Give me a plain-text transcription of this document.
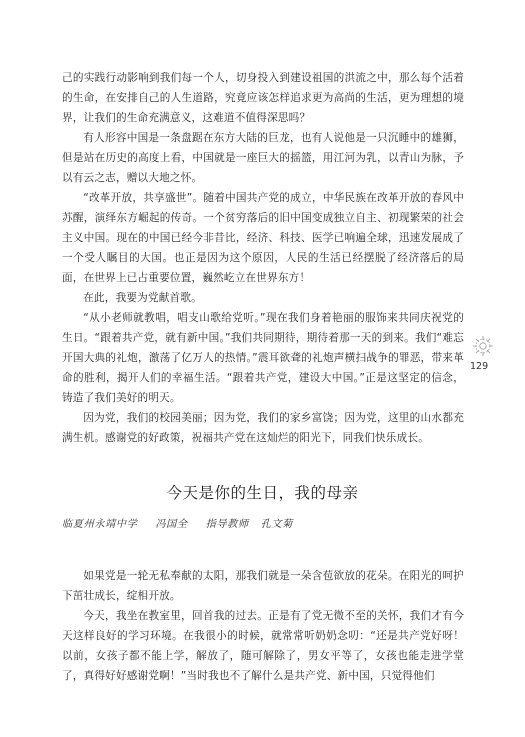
己的实践行动影响到我们每一个人，切身投入到建设祖国的洪流之中，那么每个活着的生命，在安排自己的人生道路，究竟应该怎样追求更为高尚的生活，更为理想的境界，让我们的生命充满意义，这难道不值得深思吗？

有人形容中国是一条盘踞在东方大陆的巨龙，也有人说他是一只沉睡中的雄狮，但是站在历史的高度上看，中国就是一座巨大的摇篮，用江河为乳，以青山为脉，予以有云之志，赠以大地之怀。

“改革开放，共享盛世”。随着中国共产党的成立，中华民族在改革开放的春风中苏醒，演绎东方崛起的传奇。一个贫穷落后的旧中国变成独立自主、初现繁荣的社会主义中国。现在的中国已经今非昔比，经济、科技、医学已响遍全球，迅速发展成了一个受人瞩目的大国。也正是因为这个原因，人民的生活已经摆脱了经济落后的局面，在世界上已占重要位置，巍然屹立在世界东方！

在此，我要为党献首歌。

“从小老师就教唱，唱支山歌给党听。”现在我们身着艳丽的服饰来共同庆祝党的生日。“跟着共产党，就有新中国。”我们共同期待，期待着那一天的到来。我们“难忘开国大典的礼炮，激荡了亿万人的热情。”震耳欲聋的礼炮声横扫战争的罪恶，带来革命的胜利，揭开人们的幸福生活。“跟着共产党，建设大中国。”正是这坚定的信念，铸造了我们美好的明天。

因为党，我们的校园美丽；因为党，我们的家乡富饶；因为党，这里的山水都充满生机。感谢党的好政策，祝福共产党在这灿烂的阳光下，同我们快乐成长。

129
今天是你的生日，我的母亲
临夏州永靖中学 冯国全 指导教师 孔文菊

如果党是一轮无私奉献的太阳，那我们就是一朵含苞欲放的花朵。在阳光的呵护下茁壮成长，绽相开放。

今天，我坐在教室里，回首我的过去。正是有了党无微不至的关怀，我们才有今天这样良好的学习环境。在我很小的时候，就常常听奶奶念叨：“还是共产党好呀！以前，女孩子都不能上学，解放了，随可解除了，男女平等了，女孩也能走进学堂了，真得好好感谢党啊！”当时我也不了解什么是共产党、新中国，只觉得他们
